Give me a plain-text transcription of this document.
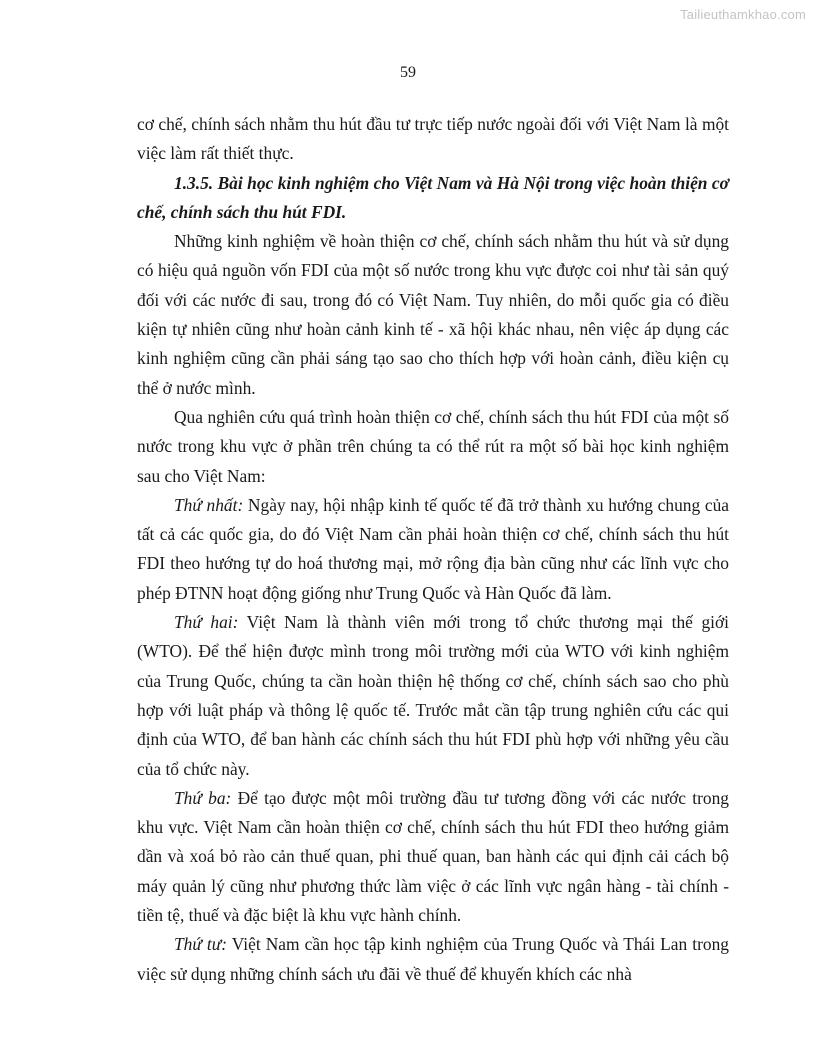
Tailieuthamkhao.com
59

cơ chế, chính sách nhằm thu hút đầu tư trực tiếp nước ngoài đối với Việt Nam là một việc làm rất thiết thực.

1.3.5. Bài học kinh nghiệm cho Việt Nam và Hà Nội trong việc hoàn thiện cơ chế, chính sách thu hút FDI.

Những kinh nghiệm về hoàn thiện cơ chế, chính sách nhằm thu hút và sử dụng có hiệu quả nguồn vốn FDI của một số nước trong khu vực được coi như tài sản quý đối với các nước đi sau, trong đó có Việt Nam. Tuy nhiên, do mỗi quốc gia có điều kiện tự nhiên cũng như hoàn cảnh kinh tế - xã hội khác nhau, nên việc áp dụng các kinh nghiệm cũng cần phải sáng tạo sao cho thích hợp với hoàn cảnh, điều kiện cụ thể ở nước mình.

Qua nghiên cứu quá trình hoàn thiện cơ chế, chính sách thu hút FDI của một số nước trong khu vực ở phần trên chúng ta có thể rút ra một số bài học kinh nghiệm sau cho Việt Nam:

Thứ nhất: Ngày nay, hội nhập kinh tế quốc tế đã trở thành xu hướng chung của tất cả các quốc gia, do đó Việt Nam cần phải hoàn thiện cơ chế, chính sách thu hút FDI theo hướng tự do hoá thương mại, mở rộng địa bàn cũng như các lĩnh vực cho phép ĐTNN hoạt động giống như Trung Quốc và Hàn Quốc đã làm.

Thứ hai: Việt Nam là thành viên mới trong tổ chức thương mại thế giới (WTO). Để thể hiện được mình trong môi trường mới của WTO với kinh nghiệm của Trung Quốc, chúng ta cần hoàn thiện hệ thống cơ chế, chính sách sao cho phù hợp với luật pháp và thông lệ quốc tế. Trước mắt cần tập trung nghiên cứu các qui định của WTO, để ban hành các chính sách thu hút FDI phù hợp với những yêu cầu của tổ chức này.

Thứ ba: Để tạo được một môi trường đầu tư tương đồng với các nước trong khu vực. Việt Nam cần hoàn thiện cơ chế, chính sách thu hút FDI theo hướng giảm dần và xoá bỏ rào cản thuế quan, phi thuế quan, ban hành các qui định cải cách bộ máy quản lý cũng như phương thức làm việc ở các lĩnh vực ngân hàng - tài chính - tiền tệ, thuế và đặc biệt là khu vực hành chính.

Thứ tư: Việt Nam cần học tập kinh nghiệm của Trung Quốc và Thái Lan trong việc sử dụng những chính sách ưu đãi về thuế để khuyến khích các nhà
